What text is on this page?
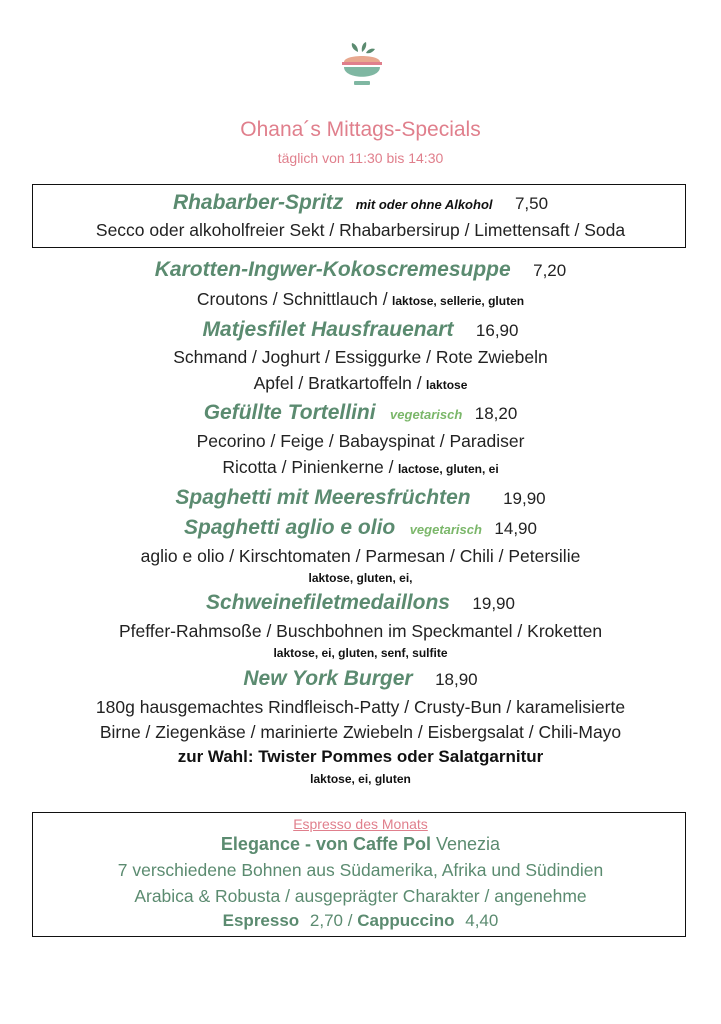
Ohana´s Mittags-Specials
täglich von 11:30 bis 14:30
Rhabarber-Spritz mit oder ohne Alkohol 7,50
Secco oder alkoholfreier Sekt / Rhabarbersirup / Limettensaft / Soda
Karotten-Ingwer-Kokoscremesuppe 7,20
Croutons / Schnittlauch / laktose, sellerie, gluten
Matjesfilet Hausfrauenart 16,90
Schmand / Joghurt / Essiggurke / Rote Zwiebeln
Apfel / Bratkartoffeln / laktose
Gefüllte Tortellini vegetarisch 18,20
Pecorino / Feige / Babayspinat / Paradiser
Ricotta / Pinienkerne / lactose, gluten, ei
Spaghetti mit Meeresfrüchten 19,90
Spaghetti aglio e olio vegetarisch 14,90
aglio e olio / Kirschtomaten / Parmesan / Chili / Petersilie
laktose, gluten, ei,
Schweinefiletmedaillons 19,90
Pfeffer-Rahmsoße / Buschbohnen im Speckmantel / Kroketten
laktose, ei, gluten, senf, sulfite
New York Burger 18,90
180g hausgemachtes Rindfleisch-Patty / Crusty-Bun / karamelisierte
Birne / Ziegenkäse / marinierte Zwiebeln / Eisbergsalat / Chili-Mayo
zur Wahl: Twister Pommes oder Salatgarnitur
laktose, ei, gluten
Espresso des Monats
Elegance - von Caffe Pol Venezia
7 verschiedene Bohnen aus Südamerika, Afrika und Südindien
Arabica & Robusta / ausgeprägter Charakter / angenehme
Espresso 2,70 / Cappuccino 4,40
